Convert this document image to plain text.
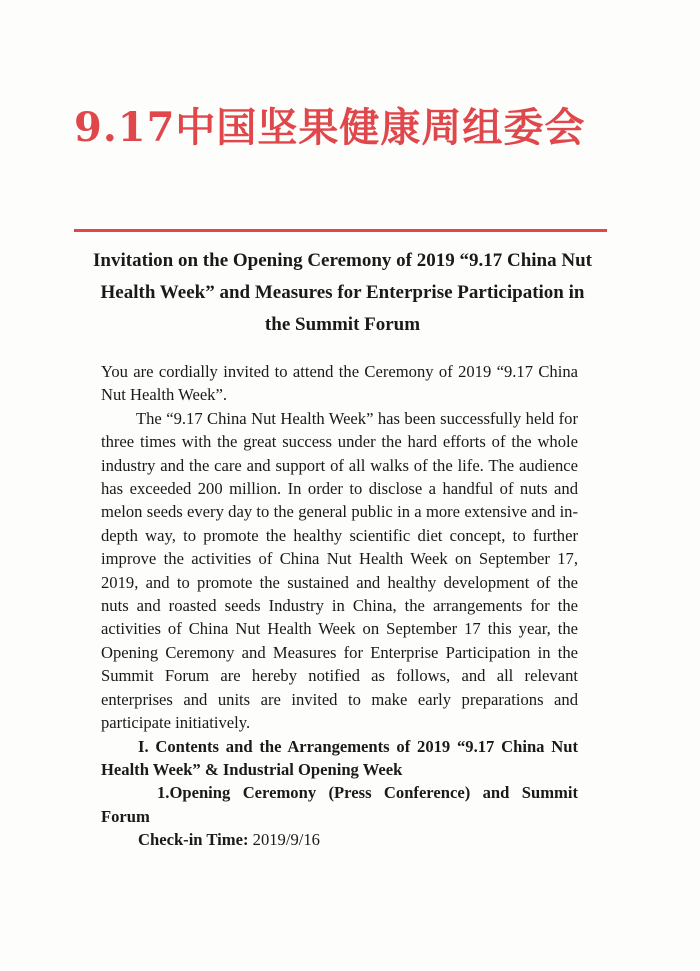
9.17中国坚果健康周组委会
Invitation on the Opening Ceremony of 2019 “9.17 China Nut Health Week” and Measures for Enterprise Participation in the Summit Forum

You are cordially invited to attend the Ceremony of 2019 “9.17 China Nut Health Week”.

The “9.17 China Nut Health Week” has been successfully held for three times with the great success under the hard efforts of the whole industry and the care and support of all walks of the life. The audience has exceeded 200 million. In order to disclose a handful of nuts and melon seeds every day to the general public in a more extensive and in-depth way, to promote the healthy scientific diet concept, to further improve the activities of China Nut Health Week on September 17, 2019, and to promote the sustained and healthy development of the nuts and roasted seeds Industry in China, the arrangements for the activities of China Nut Health Week on September 17 this year, the Opening Ceremony and Measures for Enterprise Participation in the Summit Forum are hereby notified as follows, and all relevant enterprises and units are invited to make early preparations and participate initiatively.

I. Contents and the Arrangements of 2019 “9.17 China Nut Health Week” & Industrial Opening Week

1.Opening Ceremony (Press Conference) and Summit Forum

Check-in Time: 2019/9/16
